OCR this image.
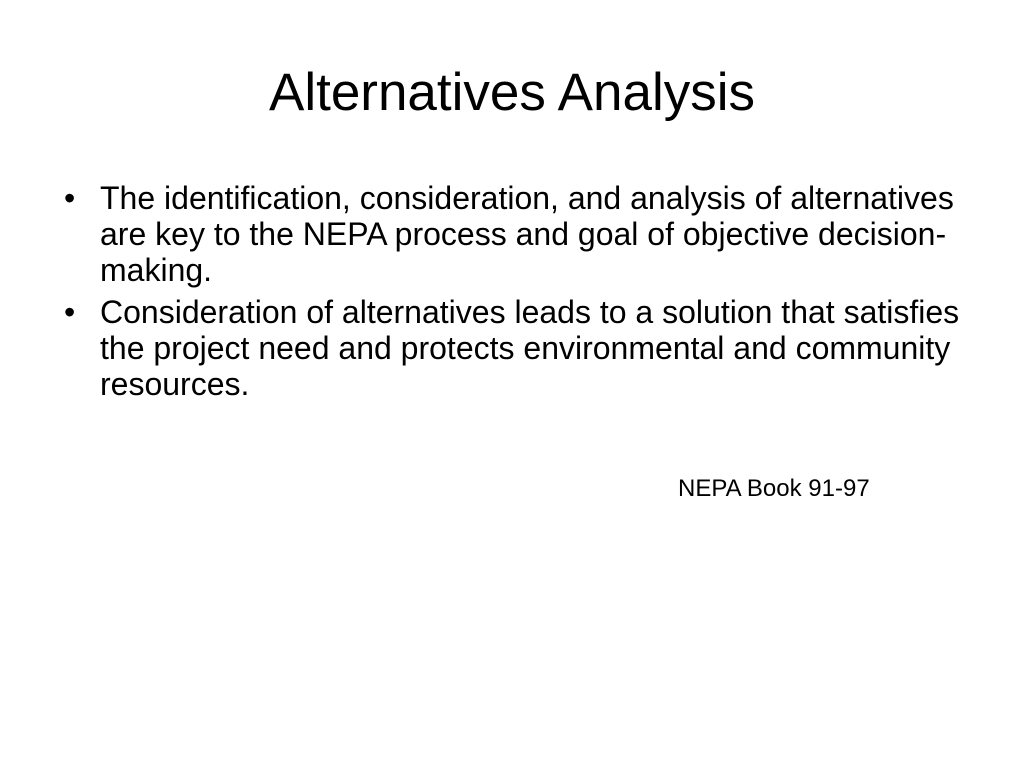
Alternatives Analysis
• The identification, consideration, and analysis of alternatives are key to the NEPA process and goal of objective decision-making.
• Consideration of alternatives leads to a solution that satisfies the project need and protects environmental and community resources.
NEPA Book 91-97
